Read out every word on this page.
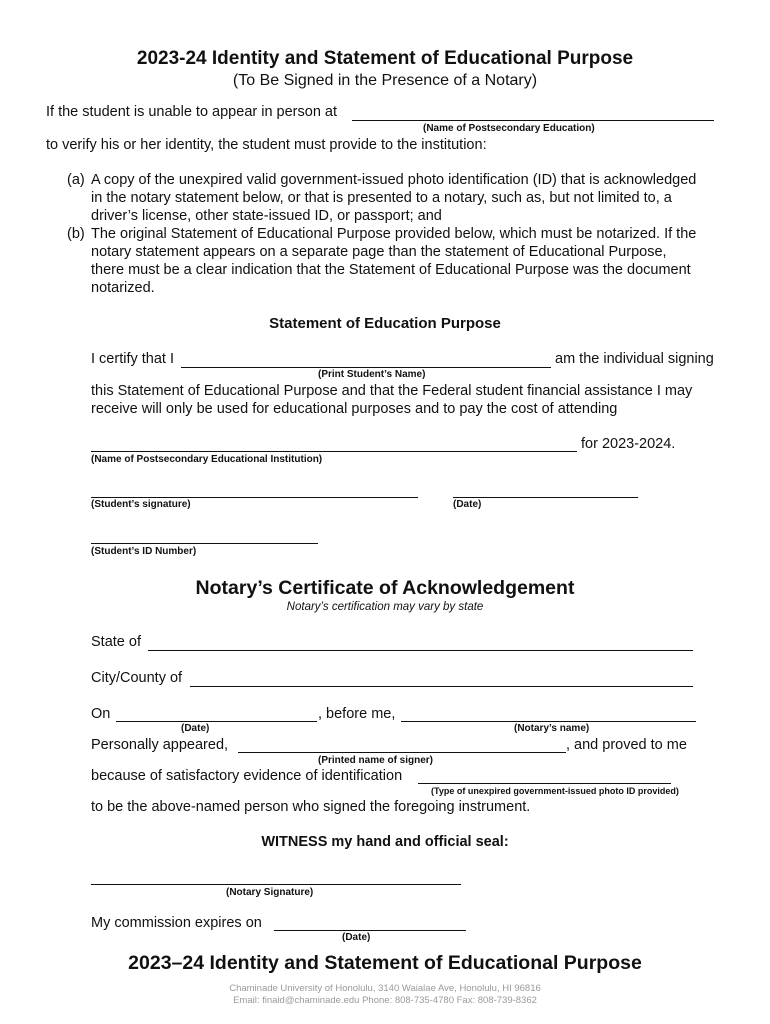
2023-24 Identity and Statement of Educational Purpose
(To Be Signed in the Presence of a Notary)
If the student is unable to appear in person at
(Name of Postsecondary Education)
to verify his or her identity, the student must provide to the institution:
(a) A copy of the unexpired valid government-issued photo identification (ID) that is acknowledged
in the notary statement below, or that is presented to a notary, such as, but not limited to, a
driver’s license, other state-issued ID, or passport; and
(b) The original Statement of Educational Purpose provided below, which must be notarized. If the
notary statement appears on a separate page than the statement of Educational Purpose,
there must be a clear indication that the Statement of Educational Purpose was the document
notarized.
Statement of Education Purpose
I certify that I	am the individual signing
(Print Student’s Name)
this Statement of Educational Purpose and that the Federal student financial assistance I may
receive will only be used for educational purposes and to pay the cost of attending
for 2023-2024.
(Name of Postsecondary Educational Institution)
(Student’s signature)	(Date)
(Student’s ID Number)
Notary’s Certificate of Acknowledgement
Notary’s certification may vary by state
State of
City/County of
On	, before me,
(Date)	(Notary’s name)
Personally appeared,	, and proved to me
(Printed name of signer)
because of satisfactory evidence of identification
(Type of unexpired government-issued photo ID provided)
to be the above-named person who signed the foregoing instrument.
WITNESS my hand and official seal:
(Notary Signature)
My commission expires on
(Date)
2023–24 Identity and Statement of Educational Purpose
Chaminade University of Honolulu, 3140 Waialae Ave, Honolulu, HI 96816
Email: finaid@chaminade.edu Phone: 808-735-4780 Fax: 808-739-8362
